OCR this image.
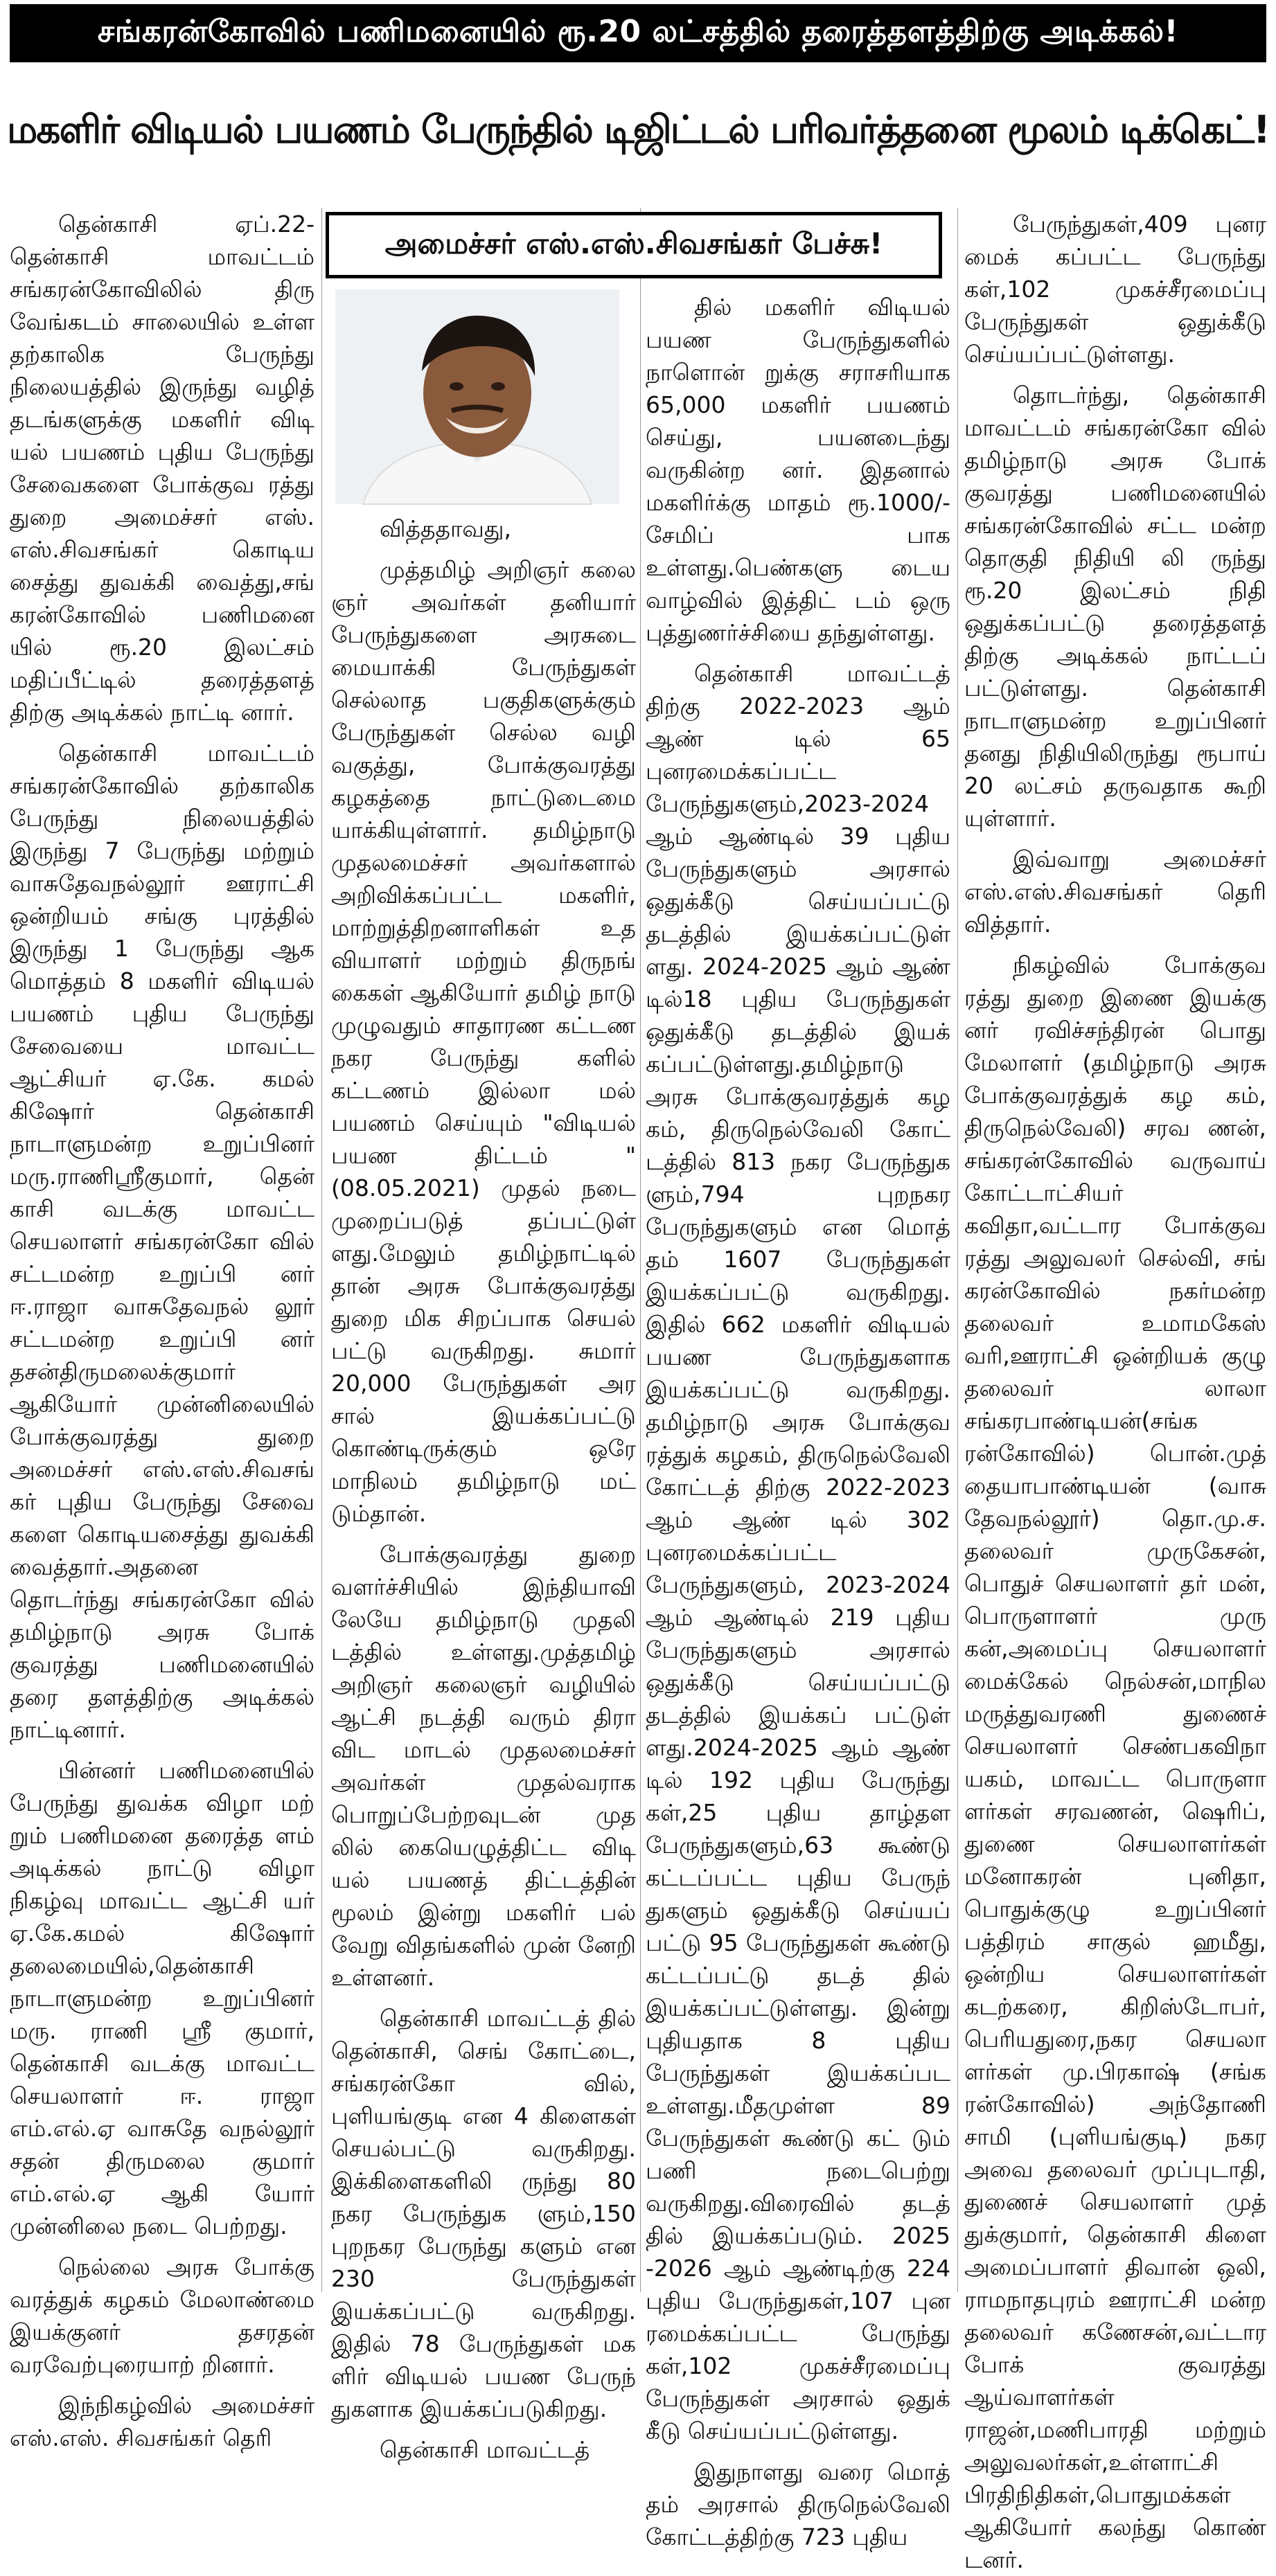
சங்கரன்கோவில் பணிமனையில் ரூ.20 லட்சத்தில் தரைத்தளத்திற்கு அடிக்கல்!
மகளிர் விடியல் பயணம் பேருந்தில் டிஜிட்டல் பரிவர்த்தனை மூலம் டிக்கெட்!
அமைச்சர் எஸ்.எஸ்.சிவசங்கர் பேச்சு!

தென்காசி ஏப்.22- தென்காசி மாவட்டம் சங்கரன்கோவிலில் திரு வேங்கடம் சாலையில் உள்ள தற்காலிக பேருந்து நிலையத்தில் இருந்து வழித் தடங்களுக்கு மகளிர் விடி யல் பயணம் புதிய பேருந்து சேவைகளை போக்குவ ரத்து துறை அமைச்சர் எஸ். எஸ்.சிவசங்கர் கொடிய சைத்து துவக்கி வைத்து,சங் கரன்கோவில் பணிமனை யில் ரூ.20 இலட்சம் மதிப்பீட்டில் தரைத்தளத் திற்கு அடிக்கல் நாட்டி னார்.

தென்காசி மாவட்டம் சங்கரன்கோவில் தற்காலிக பேருந்து நிலையத்தில் இருந்து 7 பேருந்து மற்றும் வாசுதேவநல்லூர் ஊராட்சி ஒன்றியம் சங்கு புரத்தில் இருந்து 1 பேருந்து ஆக மொத்தம் 8 மகளிர் விடியல் பயணம் புதிய பேருந்து சேவையை மாவட்ட ஆட்சியர் ஏ.கே. கமல் கிஷோர் தென்காசி நாடாளுமன்ற உறுப்பினர் மரு.ராணிஸ்ரீகுமார், தென் காசி வடக்கு மாவட்ட செயலாளர் சங்கரன்கோ வில் சட்டமன்ற உறுப்பி னர் ஈ.ராஜா வாசுதேவநல் லூர் சட்டமன்ற உறுப்பி னர் தசன்திருமலைக்குமார் ஆகியோர் முன்னிலையில் போக்குவரத்து துறை அமைச்சர் எஸ்.எஸ்.சிவசங் கர் புதிய பேருந்து சேவை களை கொடியசைத்து துவக்கி வைத்தார்.அதனை தொடர்ந்து சங்கரன்கோ வில் தமிழ்நாடு அரசு போக் குவரத்து பணிமனையில் தரை தளத்திற்கு அடிக்கல் நாட்டினார்.

பின்னர் பணிமனையில் பேருந்து துவக்க விழா மற் றும் பணிமனை தரைத்த ளம் அடிக்கல் நாட்டு விழா நிகழ்வு மாவட்ட ஆட்சி யர் ஏ.கே.கமல் கிஷோர் தலைமையில்,தென்காசி நாடாளுமன்ற உறுப்பினர் மரு. ராணி ஸ்ரீ குமார், தென்காசி வடக்கு மாவட்ட செயலாளர் ஈ. ராஜா எம்.எல்.ஏ வாசுதே வநல்லூர் சதன் திருமலை குமார் எம்.எல்.ஏ ஆகி யோர் முன்னிலை நடை பெற்றது.

நெல்லை அரசு போக்கு வரத்துக் கழகம் மேலாண்மை இயக்குனர் தசரதன் வரவேற்புரையாற் றினார்.

இந்நிகழ்வில் அமைச்சர் எஸ்.எஸ். சிவசங்கர் தெரி

வித்ததாவது,

முத்தமிழ் அறிஞர் கலை ஞர் அவர்கள் தனியார் பேருந்துகளை அரசுடை மையாக்கி பேருந்துகள் செல்லாத பகுதிகளுக்கும் பேருந்துகள் செல்ல வழி வகுத்து, போக்குவரத்து கழகத்தை நாட்டுடைமை யாக்கியுள்ளார். தமிழ்நாடு முதலமைச்சர் அவர்களால் அறிவிக்கப்பட்ட மகளிர், மாற்றுத்திறனாளிகள் உத வியாளர் மற்றும் திருநங் கைகள் ஆகியோர் தமிழ் நாடு முழுவதும் சாதாரண கட்டண நகர பேருந்து களில் கட்டணம் இல்லா மல் பயணம் செய்யும் "விடியல் பயண திட்டம் " (08.05.2021) முதல் நடை முறைப்படுத் தப்பட்டுள் ளது.மேலும் தமிழ்நாட்டில் தான் அரசு போக்குவரத்து துறை மிக சிறப்பாக செயல் பட்டு வருகிறது. சுமார் 20,000 பேருந்துகள் அர சால் இயக்கப்பட்டு கொண்டிருக்கும் ஒரே மாநிலம் தமிழ்நாடு மட் டும்தான்.

போக்குவரத்து துறை வளர்ச்சியில் இந்தியாவி லேயே தமிழ்நாடு முதலி டத்தில் உள்ளது.முத்தமிழ் அறிஞர் கலைஞர் வழியில் ஆட்சி நடத்தி வரும் திரா விட மாடல் முதலமைச்சர் அவர்கள் முதல்வராக பொறுப்பேற்றவுடன் முத லில் கையெழுத்திட்ட விடி யல் பயணத் திட்டத்தின் மூலம் இன்று மகளிர் பல் வேறு விதங்களில் முன் னேறி உள்ளனர்.

தென்காசி மாவட்டத் தில் தென்காசி, செங் கோட்டை, சங்கரன்கோ வில், புளியங்குடி என 4 கிளைகள் செயல்பட்டு வருகிறது. இக்கிளைகளிலி ருந்து 80 நகர பேருந்துக ளும்,150 புறநகர பேருந்து களும் என 230 பேருந்துகள் இயக்கப்பட்டு வருகிறது. இதில் 78 பேருந்துகள் மக ளிர் விடியல் பயண பேருந் துகளாக இயக்கப்படுகிறது.

தென்காசி மாவட்டத்

தில் மகளிர் விடியல் பயண பேருந்துகளில் நாளொன் றுக்கு சராசரியாக 65,000 மகளிர் பயணம் செய்து, பயனடைந்து வருகின்ற னர். இதனால் மகளிர்க்கு மாதம் ரூ.1000/- சேமிப் பாக உள்ளது.பெண்களு டைய வாழ்வில் இத்திட் டம் ஒரு புத்துணர்ச்சியை தந்துள்ளது.

தென்காசி மாவட்டத் திற்கு 2022-2023 ஆம் ஆண் டில் 65 புனரமைக்கப்பட்ட பேருந்துகளும்,2023-2024 ஆம் ஆண்டில் 39 புதிய பேருந்துகளும் அரசால் ஒதுக்கீடு செய்யப்பட்டு தடத்தில் இயக்கப்பட்டுள் ளது. 2024-2025 ஆம் ஆண் டில்18 புதிய பேருந்துகள் ஒதுக்கீடு தடத்தில் இயக் கப்பட்டுள்ளது.தமிழ்நாடு அரசு போக்குவரத்துக் கழ கம், திருநெல்வேலி கோட் டத்தில் 813 நகர பேருந்துக ளும்,794 புறநகர பேருந்துகளும் என மொத் தம் 1607 பேருந்துகள் இயக்கப்பட்டு வருகிறது. இதில் 662 மகளிர் விடியல் பயண பேருந்துகளாக இயக்கப்பட்டு வருகிறது. தமிழ்நாடு அரசு போக்குவ ரத்துக் கழகம், திருநெல்வேலி கோட்டத் திற்கு 2022-2023 ஆம் ஆண் டில் 302 புனரமைக்கப்பட்ட பேருந்துகளும், 2023-2024 ஆம் ஆண்டில் 219 புதிய பேருந்துகளும் அரசால் ஒதுக்கீடு செய்யப்பட்டு தடத்தில் இயக்கப் பட்டுள் ளது.2024-2025 ஆம் ஆண் டில் 192 புதிய பேருந்து கள்,25 புதிய தாழ்தள பேருந்துகளும்,63 கூண்டு கட்டப்பட்ட புதிய பேருந் துகளும் ஒதுக்கீடு செய்யப் பட்டு 95 பேருந்துகள் கூண்டு கட்டப்பட்டு தடத் தில் இயக்கப்பட்டுள்ளது. இன்று புதியதாக 8 புதிய பேருந்துகள் இயக்கப்பட உள்ளது.மீதமுள்ள 89 பேருந்துகள் கூண்டு கட் டும் பணி நடைபெற்று வருகிறது.விரைவில் தடத் தில் இயக்கப்படும். 2025 -2026 ஆம் ஆண்டிற்கு 224 புதிய பேருந்துகள்,107 புன ரமைக்கப்பட்ட பேருந்து கள்,102 முகச்சீரமைப்பு பேருந்துகள் அரசால் ஒதுக் கீடு செய்யப்பட்டுள்ளது.

இதுநாளது வரை மொத் தம் அரசால் திருநெல்வேலி கோட்டத்திற்கு 723 புதிய

பேருந்துகள்,409 புனர மைக் கப்பட்ட பேருந்து கள்,102 முகச்சீரமைப்பு பேருந்துகள் ஒதுக்கீடு செய்யப்பட்டுள்ளது.

தொடர்ந்து, தென்காசி மாவட்டம் சங்கரன்கோ வில் தமிழ்நாடு அரசு போக் குவரத்து பணிமனையில் சங்கரன்கோவில் சட்ட மன்ற தொகுதி நிதியி லி ருந்து ரூ.20 இலட்சம் நிதி ஒதுக்கப்பட்டு தரைத்தளத் திற்கு அடிக்கல் நாட்டப் பட்டுள்ளது. தென்காசி நாடாளுமன்ற உறுப்பினர் தனது நிதியிலிருந்து ரூபாய் 20 லட்சம் தருவதாக கூறி யுள்ளார்.

இவ்வாறு அமைச்சர் எஸ்.எஸ்.சிவசங்கர் தெரி வித்தார்.

நிகழ்வில் போக்குவ ரத்து துறை இணை இயக்கு னர் ரவிச்சந்திரன் பொது மேலாளர் (தமிழ்நாடு அரசு போக்குவரத்துக் கழ கம், திருநெல்வேலி) சரவ ணன், சங்கரன்கோவில் வருவாய் கோட்டாட்சியர் கவிதா,வட்டார போக்குவ ரத்து அலுவலர் செல்வி, சங் கரன்கோவில் நகர்மன்ற தலைவர் உமாமகேஸ் வரி,ஊராட்சி ஒன்றியக் குழு தலைவர் லாலா சங்கரபாண்டியன்(சங்க ரன்கோவில்) பொன்.முத் தையாபாண்டியன் (வாசு தேவநல்லூர்) தொ.மு.ச. தலைவர் முருகேசன், பொதுச் செயலாளர் தர் மன், பொருளாளர் முரு கன்,அமைப்பு செயலாளர் மைக்கேல் நெல்சன்,மாநில மருத்துவரணி துணைச் செயலாளர் செண்பகவிநா யகம், மாவட்ட பொருளா ளர்கள் சரவணன், ஷெரிப், துணை செயலாளர்கள் மனோகரன் புனிதா, பொதுக்குழு உறுப்பினர் பத்திரம் சாகுல் ஹமீது, ஒன்றிய செயலாளர்கள் கடற்கரை, கிறிஸ்டோபர், பெரியதுரை,நகர செயலா ளர்கள் மு.பிரகாஷ் (சங்க ரன்கோவில்) அந்தோணி சாமி (புளியங்குடி) நகர அவை தலைவர் முப்புடாதி, துணைச் செயலாளர் முத் துக்குமார், தென்காசி கிளை அமைப்பாளர் திவான் ஒலி, ராமநாதபுரம் ஊராட்சி மன்ற தலைவர் கணேசன்,வட்டார போக் குவரத்து ஆய்வாளர்கள் ராஜன்,மணிபாரதி மற்றும் அலுவலர்கள்,உள்ளாட்சி பிரதிநிதிகள்,பொதுமக்கள் ஆகியோர் கலந்து கொண் டனர்.
